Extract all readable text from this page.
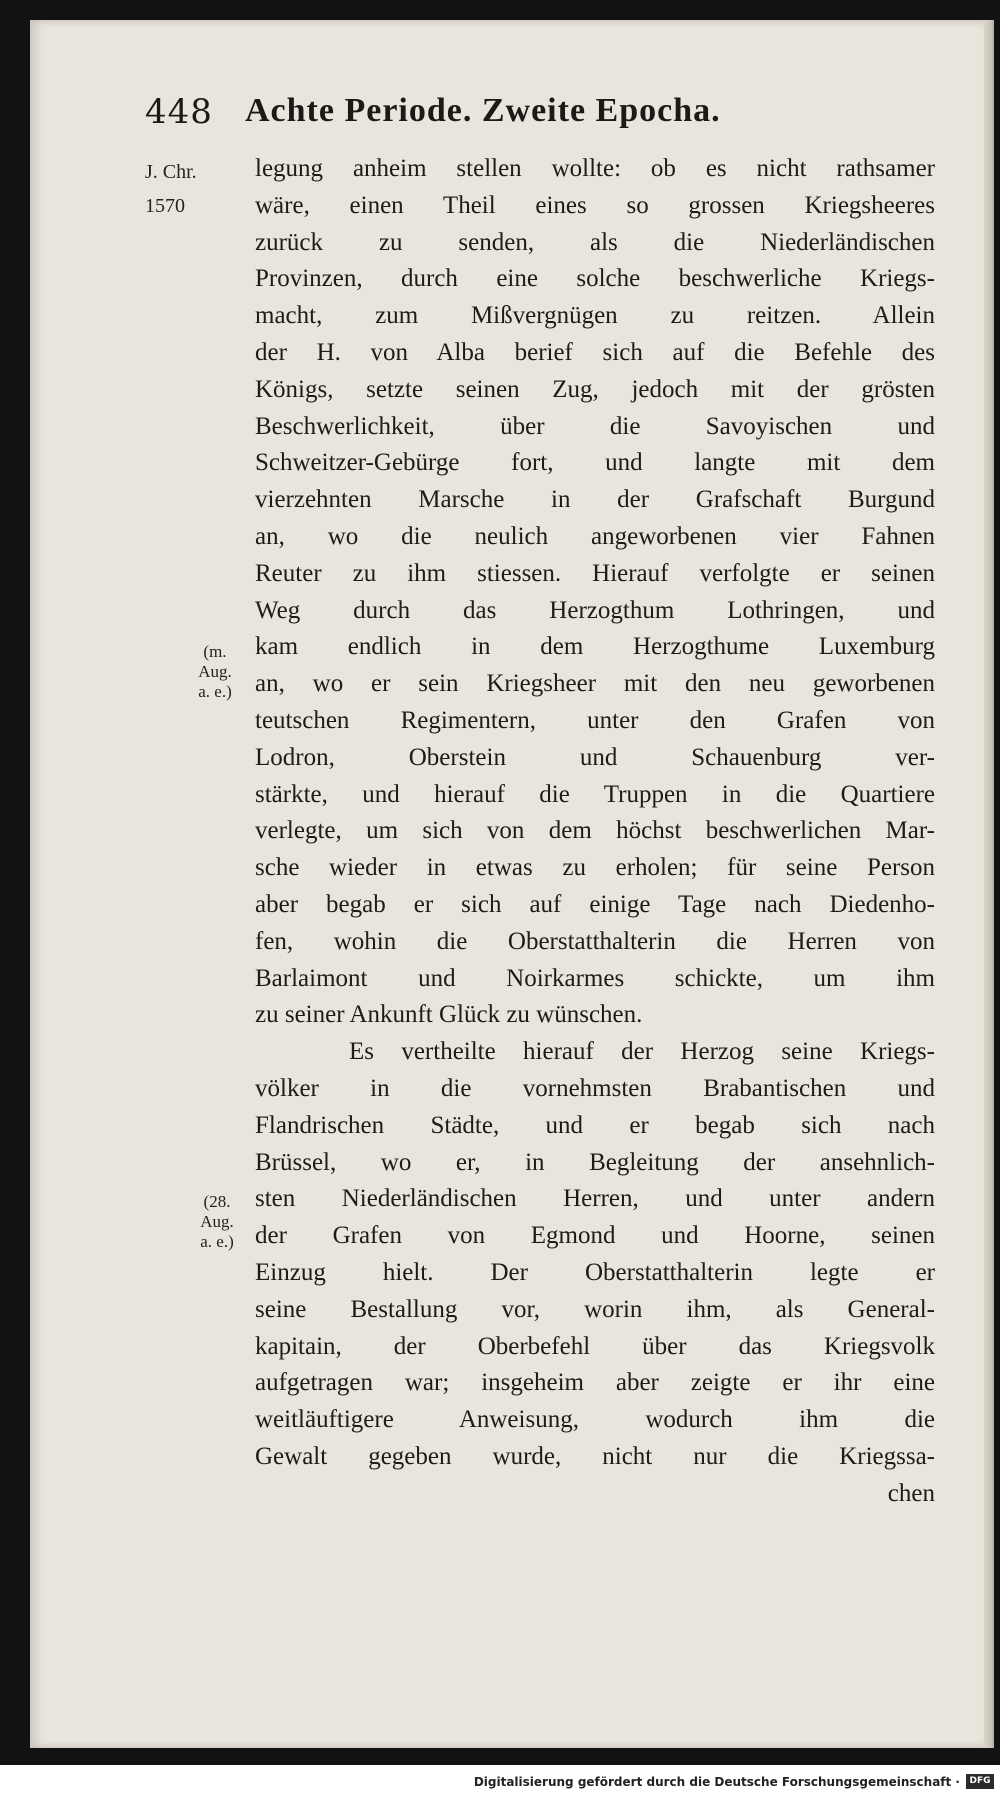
448 Achte Periode. Zweite Epocha.
J. Chr.
1570
(m.
Aug.
a. e.)
(28.
Aug.
a. e.)
legung anheim stellen wollte: ob es nicht rathsamer
wäre, einen Theil eines so grossen Kriegsheeres
zurück zu senden, als die Niederländischen
Provinzen, durch eine solche beschwerliche Kriegs-
macht, zum Mißvergnügen zu reitzen. Allein
der H. von Alba berief sich auf die Befehle des
Königs, setzte seinen Zug, jedoch mit der grösten
Beschwerlichkeit, über die Savoyischen und
Schweitzer-Gebürge fort, und langte mit dem
vierzehnten Marsche in der Grafschaft Burgund
an, wo die neulich angeworbenen vier Fahnen
Reuter zu ihm stiessen. Hierauf verfolgte er seinen
Weg durch das Herzogthum Lothringen, und
kam endlich in dem Herzogthume Luxemburg
an, wo er sein Kriegsheer mit den neu geworbenen
teutschen Regimentern, unter den Grafen von
Lodron, Oberstein und Schauenburg ver-
stärkte, und hierauf die Truppen in die Quartiere
verlegte, um sich von dem höchst beschwerlichen Mar-
sche wieder in etwas zu erholen; für seine Person
aber begab er sich auf einige Tage nach Diedenho-
fen, wohin die Oberstatthalterin die Herren von
Barlaimont und Noirkarmes schickte, um ihm
zu seiner Ankunft Glück zu wünschen.
Es vertheilte hierauf der Herzog seine Kriegs-
völker in die vornehmsten Brabantischen und
Flandrischen Städte, und er begab sich nach
Brüssel, wo er, in Begleitung der ansehnlich-
sten Niederländischen Herren, und unter andern
der Grafen von Egmond und Hoorne, seinen
Einzug hielt. Der Oberstatthalterin legte er
seine Bestallung vor, worin ihm, als General-
kapitain, der Oberbefehl über das Kriegsvolk
aufgetragen war; insgeheim aber zeigte er ihr eine
weitläuftigere Anweisung, wodurch ihm die
Gewalt gegeben wurde, nicht nur die Kriegssa-
chen
Digitalisierung gefördert durch die Deutsche Forschungsgemeinschaft ·	DFG
